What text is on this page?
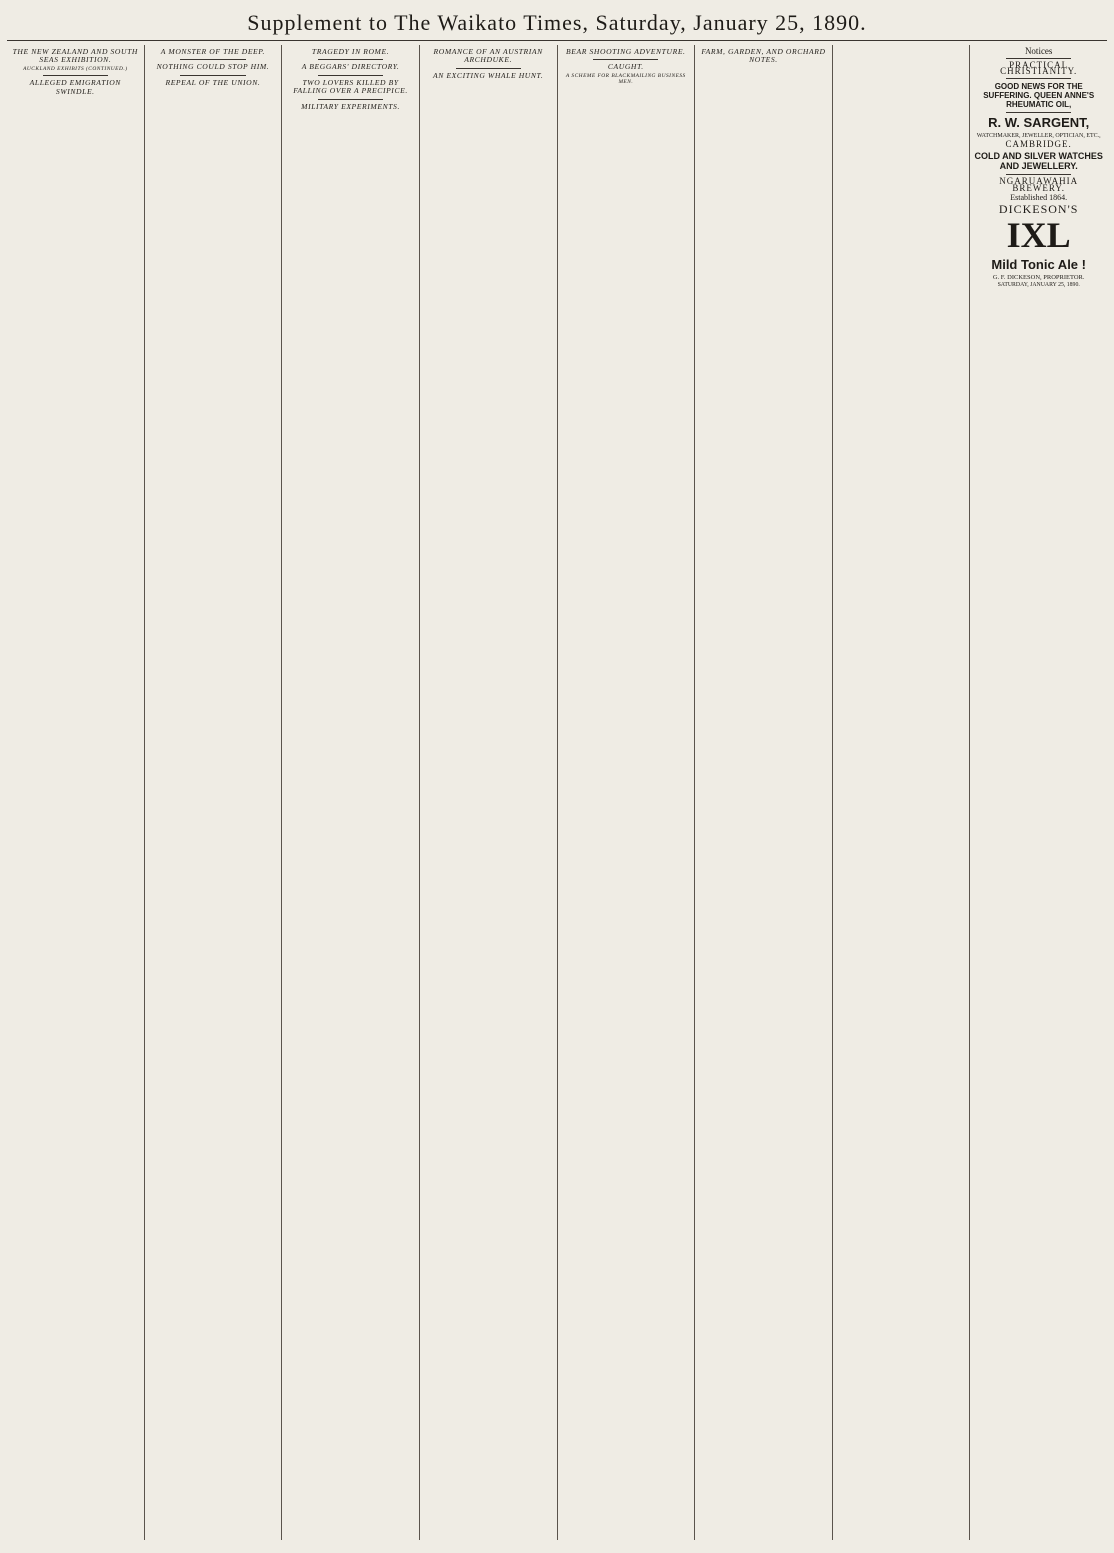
Supplement to The Waikato Times, Saturday, January 25, 1890.
THE NEW ZEALAND AND SOUTH SEAS EXHIBITION.
AUCKLAND EXHIBITS (CONTINUED.)
ALLEGED EMIGRATION SWINDLE.
A MONSTER OF THE DEEP.
NOTHING COULD STOP HIM.
REPEAL OF THE UNION.
TRAGEDY IN ROME.
A BEGGARS' DIRECTORY.
TWO LOVERS KILLED BY FALLING OVER A PRECIPICE.
MILITARY EXPERIMENTS.
ROMANCE OF AN AUSTRIAN ARCHDUKE.
AN EXCITING WHALE HUNT.
BEAR SHOOTING ADVENTURE.
CAUGHT.
A SCHEME FOR BLACKMAILING BUSINESS MEN.
FARM, GARDEN, AND ORCHARD NOTES.
Notices
PRACTICAL CHRISTIANITY.
GOOD NEWS FOR THE SUFFERING. QUEEN ANNE'S RHEUMATIC OIL,
R. W. SARGENT,
WATCHMAKER, JEWELLER, OPTICIAN, ETC.,
CAMBRIDGE.
COLD AND SILVER WATCHES AND JEWELLERY.
NGARUAWAHIA BREWERY.
Established 1864.
DICKESON'S
IXL
Mild Tonic Ale !
G. F. DICKESON, PROPRIETOR.
SATURDAY, JANUARY 25, 1890.
